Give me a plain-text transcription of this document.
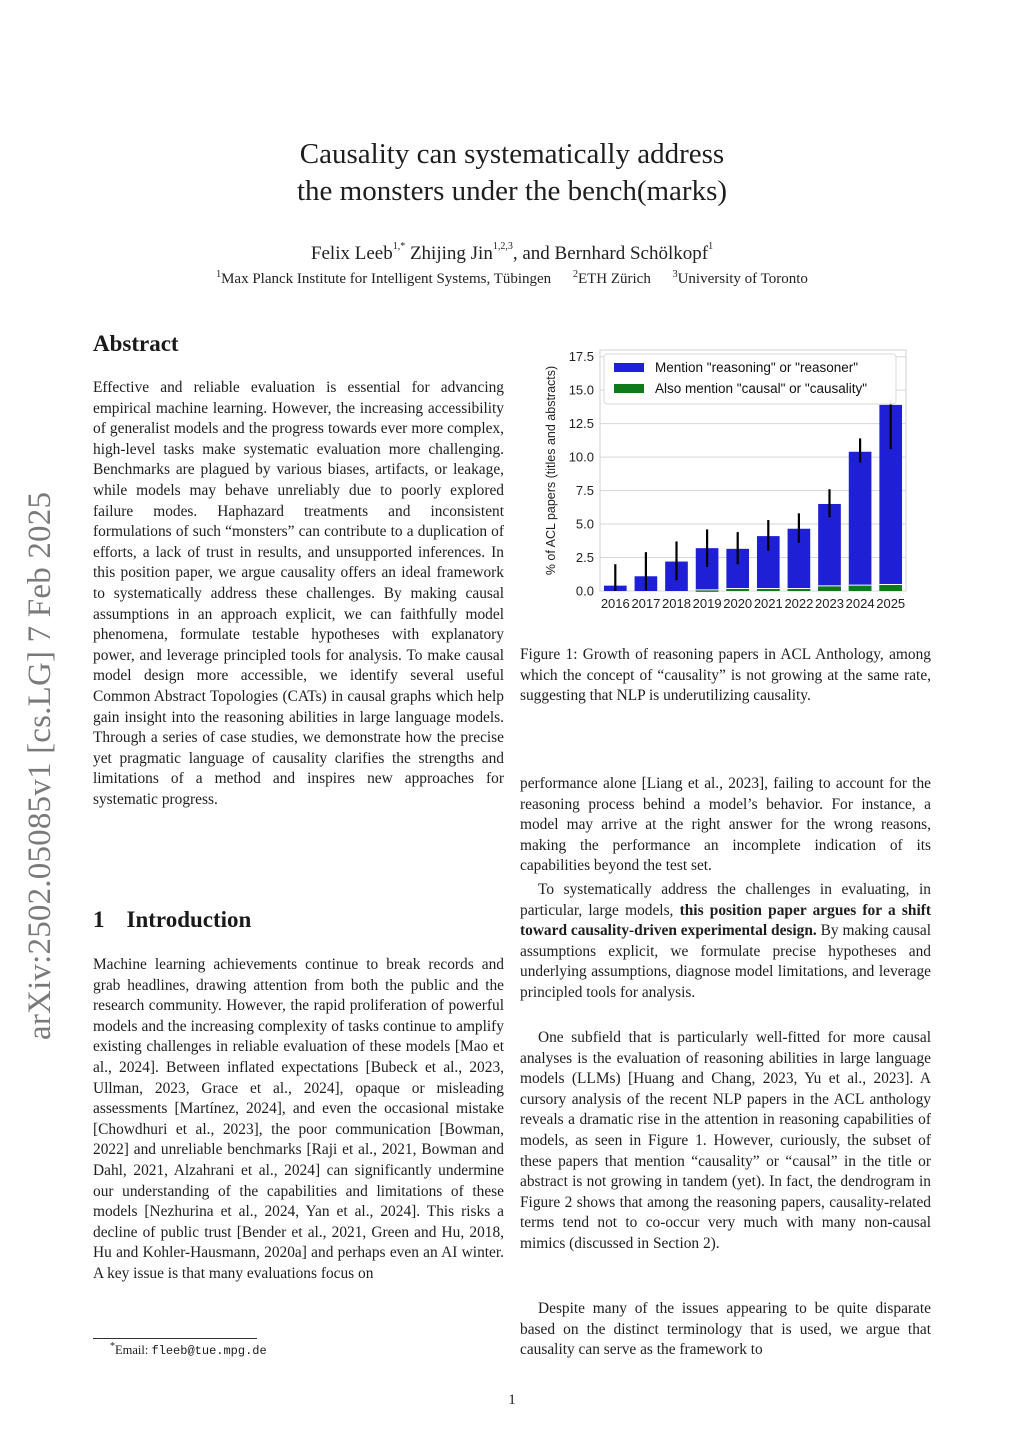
arXiv:2502.05085v1 [cs.LG] 7 Feb 2025
Causality can systematically address
the monsters under the bench(marks)
Felix Leeb$^{1,*}$ Zhijing Jin$^{1,2,3}$, and Bernhard Schölkopf$^1$
$^1$Max Planck Institute for Intelligent Systems, Tübingen $^2$ETH Zürich $^3$University of Toronto
Abstract

Effective and reliable evaluation is essential for advancing empirical machine learning. However, the increasing accessibility of generalist models and the progress towards ever more complex, high-level tasks make systematic evaluation more challenging. Benchmarks are plagued by various biases, artifacts, or leakage, while models may behave unreliably due to poorly explored failure modes. Haphazard treatments and inconsistent formulations of such “monsters” can contribute to a duplication of efforts, a lack of trust in results, and unsupported inferences. In this position paper, we argue causality offers an ideal framework to systematically address these challenges. By making causal assumptions in an approach explicit, we can faithfully model phenomena, formulate testable hypotheses with explanatory power, and leverage principled tools for analysis. To make causal model design more accessible, we identify several useful Common Abstract Topologies (CATs) in causal graphs which help gain insight into the reasoning abilities in large language models. Through a series of case studies, we demonstrate how the precise yet pragmatic language of causality clarifies the strengths and limitations of a method and inspires new approaches for systematic progress.

1 Introduction

Machine learning achievements continue to break records and grab headlines, drawing attention from both the public and the research community. However, the rapid proliferation of powerful models and the increasing complexity of tasks continue to amplify existing challenges in reliable evaluation of these models [Mao et al., 2024]. Between inflated expectations [Bubeck et al., 2023, Ullman, 2023, Grace et al., 2024], opaque or misleading assessments [Martínez, 2024], and even the occasional mistake [Chowdhuri et al., 2023], the poor communication [Bowman, 2022] and unreliable benchmarks [Raji et al., 2021, Bowman and Dahl, 2021, Alzahrani et al., 2024] can significantly undermine our understanding of the capabilities and limitations of these models [Nezhurina et al., 2024, Yan et al., 2024]. This risks a decline of public trust [Bender et al., 2021, Green and Hu, 2018, Hu and Kohler-Hausmann, 2020a] and perhaps even an AI winter. A key issue is that many evaluations focus on

*Email: fleeb@tue.mpg.de
0.0
2.5
5.0
7.5
10.0
12.5
15.0
17.5
% of ACL papers (titles and abstracts)
2016 2017 2018 2019 2020 2021 2022 2023 2024 2025
Mention "reasoning" or "reasoner"
Also mention "causal" or "causality"

Figure 1: Growth of reasoning papers in ACL Anthology, among which the concept of “causality” is not growing at the same rate, suggesting that NLP is underutilizing causality.

performance alone [Liang et al., 2023], failing to account for the reasoning process behind a model’s behavior. For instance, a model may arrive at the right answer for the wrong reasons, making the performance an incomplete indication of its capabilities beyond the test set.

To systematically address the challenges in evaluating, in particular, large models, this position paper argues for a shift toward causality-driven experimental design. By making causal assumptions explicit, we formulate precise hypotheses and underlying assumptions, diagnose model limitations, and leverage principled tools for analysis.

One subfield that is particularly well-fitted for more causal analyses is the evaluation of reasoning abilities in large language models (LLMs) [Huang and Chang, 2023, Yu et al., 2023]. A cursory analysis of the recent NLP papers in the ACL anthology reveals a dramatic rise in the attention in reasoning capabilities of models, as seen in Figure 1. However, curiously, the subset of these papers that mention “causality” or “causal” in the title or abstract is not growing in tandem (yet). In fact, the dendrogram in Figure 2 shows that among the reasoning papers, causality-related terms tend not to co-occur very much with many non-causal mimics (discussed in Section 2).

Despite many of the issues appearing to be quite disparate based on the distinct terminology that is used, we argue that causality can serve as the framework to

1
